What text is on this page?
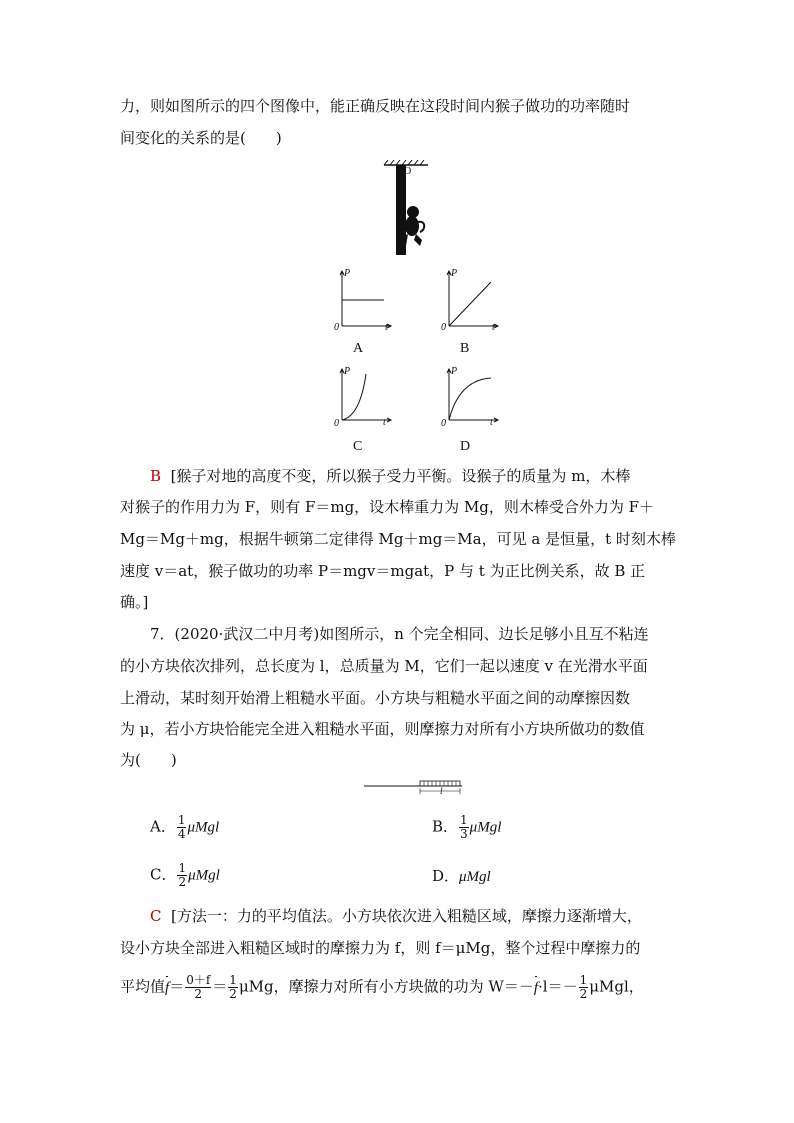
力，则如图所示的四个图像中，能正确反映在这段时间内猴子做功的功率随时
间变化的关系的是(　　)
O
P
t
0
A
P
t
0
B
P
t
0
C
P
t
0
D
B [猴子对地的高度不变，所以猴子受力平衡。设猴子的质量为 m，木棒
对猴子的作用力为 F，则有 F＝mg，设木棒重力为 Mg，则木棒受合外力为 F＋
Mg＝Mg＋mg，根据牛顿第二定律得 Mg＋mg＝Ma，可见 a 是恒量，t 时刻木棒
速度 v＝at，猴子做功的功率 P＝mgv＝mgat，P 与 t 为正比例关系，故 B 正
确。]
7．(2020·武汉二中月考)如图所示，n 个完全相同、边长足够小且互不粘连
的小方块依次排列，总长度为 l，总质量为 M，它们一起以速度 v 在光滑水平面
上滑动，某时刻开始滑上粗糙水平面。小方块与粗糙水平面之间的动摩擦因数
为 μ，若小方块恰能完全进入粗糙水平面，则摩擦力对所有小方块所做功的数值
为(　　)
l
A． $\frac{1}{4}$ μMgl	B． $\frac{1}{3}$ μMgl
C． $\frac{1}{2}$ μMgl	D．μMgl
C [方法一：力的平均值法。小方块依次进入粗糙区域，摩擦力逐渐增大，
设小方块全部进入粗糙区域时的摩擦力为 f，则 f＝μMg，整个过程中摩擦力的
平均值$f= \frac{0+f}{2} = \frac{1}{2}$ μMg，摩擦力对所有小方块做的功为 $W=-f\cdot l=- \frac{1}{2}$ μMgl，
